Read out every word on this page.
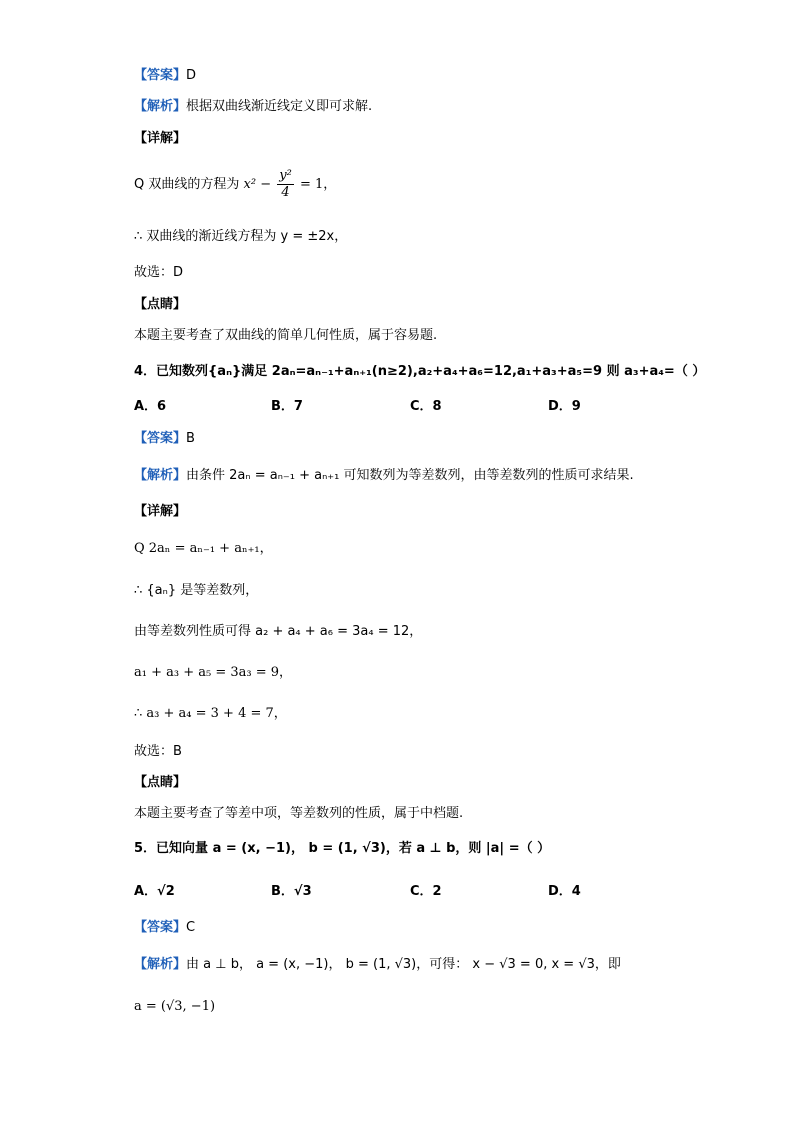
【答案】D
【解析】根据双曲线渐近线定义即可求解.
【详解】
Q 双曲线的方程为 $x^2 - \frac{\text{y²}}{4} = 1$，
∴ 双曲线的渐近线方程为 y = ±2x，
故选：D
【点睛】
本题主要考查了双曲线的简单几何性质，属于容易题.
4．已知数列{aₙ}满足 2aₙ=aₙ₋₁+aₙ₊₁(n≥2),a₂+a₄+a₆=12,a₁+a₃+a₅=9 则 a₃+a₄=（ ）
A．6	B．7	C．8	D．9
【答案】B
【解析】由条件 2aₙ = aₙ₋₁ + aₙ₊₁ 可知数列为等差数列，由等差数列的性质可求结果.
【详解】
Q 2aₙ = aₙ₋₁ + aₙ₊₁，
∴ {aₙ} 是等差数列，
由等差数列性质可得 a₂ + a₄ + a₆ = 3a₄ = 12，
a₁ + a₃ + a₅ = 3a₃ = 9，
∴ a₃ + a₄ = 3 + 4 = 7，
故选：B
【点睛】
本题主要考查了等差中项，等差数列的性质，属于中档题.
5．已知向量 a = (x, −1)， b = (1, √3)，若 a ⊥ b，则 |a| =（ ）
A．√2	B．√3	C．2	D．4
【答案】C
【解析】由 a ⊥ b， a = (x, −1)， b = (1, √3)，可得： x − √3 = 0, x = √3，即
a = (√3, −1)
